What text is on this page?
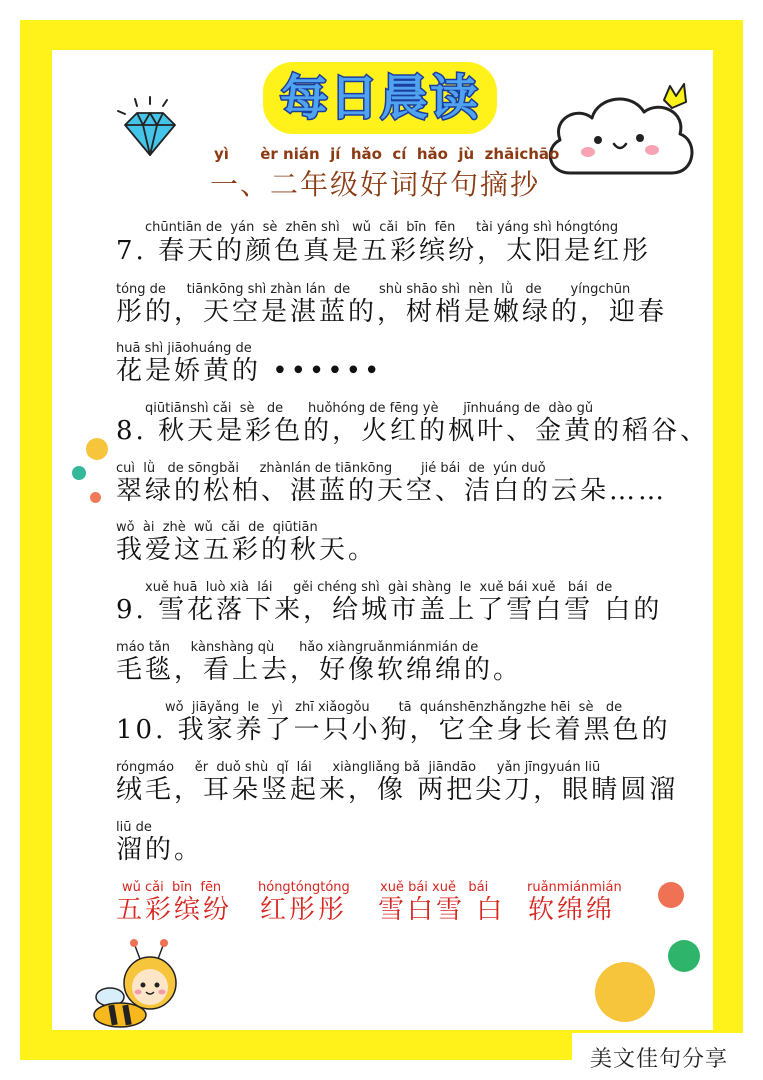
每日晨读
yì      èr nián  jí  hǎo  cí  hǎo  jù  zhāichāo
一、二年级好词好句摘抄
chūntiān de  yán  sè  zhēn shì   wǔ  cǎi  bīn  fēn     tài yáng shì hóngtóng
7. 春天的颜色真是五彩缤纷，太阳是红彤
tóng de     tiānkōng shì zhàn lán  de       shù shāo shì  nèn  lǜ   de       yíngchūn
彤的，天空是湛蓝的，树梢是嫩绿的，迎春
huā shì jiāohuáng de
花是娇黄的 ••••••
qiūtiānshì cǎi  sè   de      huǒhóng de fēng yè      jīnhuáng de  dào gǔ
8. 秋天是彩色的，火红的枫叶、金黄的稻谷、
cuì  lǜ   de sōngbǎi     zhànlán de tiānkōng       jié bái  de  yún duǒ
翠绿的松柏、湛蓝的天空、洁白的云朵……
wǒ  ài  zhè  wǔ  cǎi  de  qiūtiān
我爱这五彩的秋天。
xuě huā  luò xià  lái     gěi chéng shì  gài shàng  le  xuě bái xuě   bái  de
9. 雪花落下来，给城市盖上了雪白雪 白的
máo tǎn     kànshàng qù      hǎo xiàngruǎnmiánmián de
毛毯，看上去，好像软绵绵的。
wǒ  jiāyǎng  le   yì   zhī xiǎogǒu       tā  quánshēnzhǎngzhe hēi  sè   de
10. 我家养了一只小狗，它全身长着黑色的
róngmáo     ěr  duǒ shù  qǐ  lái     xiàngliǎng bǎ  jiāndāo     yǎn jīngyuán liū
绒毛，耳朵竖起来，像 两把尖刀，眼睛圆溜
liū de
溜的。
wǔ cǎi  bīn  fēn
五彩缤纷
hóngtóngtóng
红彤彤
xuě bái xuě   bái
雪白雪 白
ruǎnmiánmián
软绵绵
美文佳句分享
